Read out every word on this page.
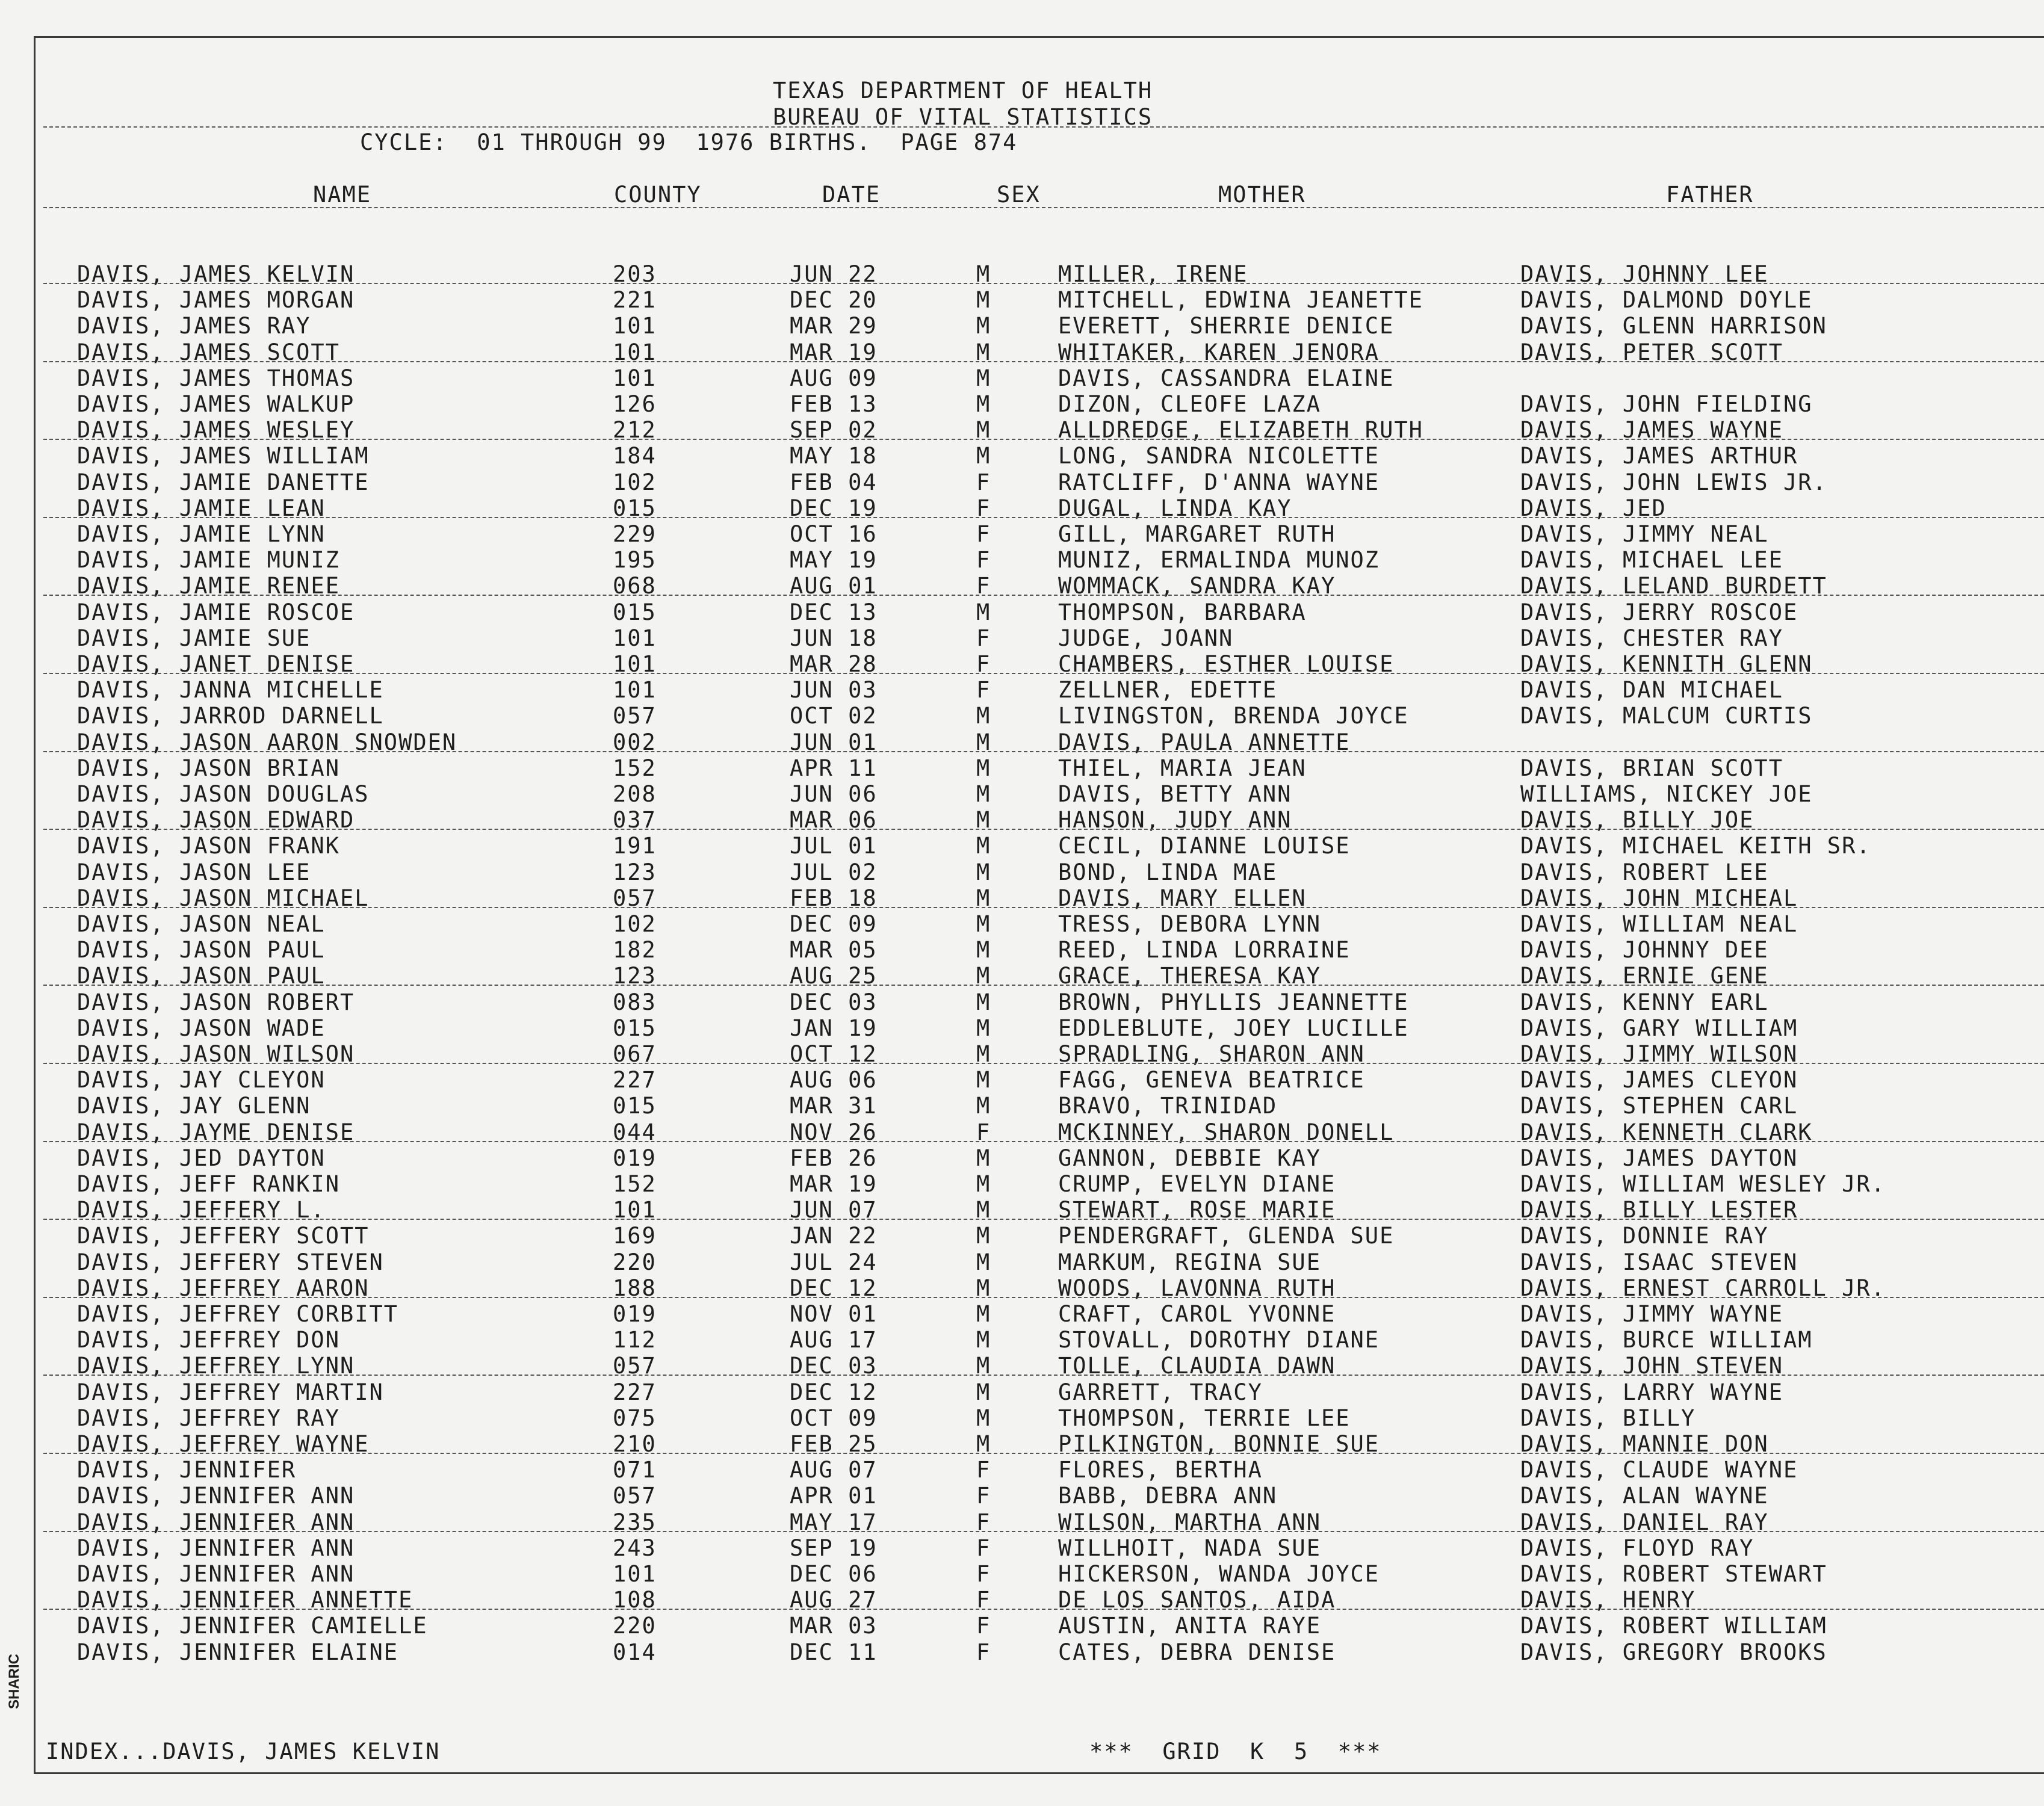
TEXAS DEPARTMENT OF HEALTH
BUREAU OF VITAL STATISTICS
CYCLE:  01 THROUGH 99  1976 BIRTHS.  PAGE 874
NAME	COUNTY	DATE	SEX	MOTHER	FATHER
DAVIS, JAMES KELVIN	203	JUN 22	M	MILLER, IRENE	DAVIS, JOHNNY LEE
DAVIS, JAMES MORGAN	221	DEC 20	M	MITCHELL, EDWINA JEANETTE	DAVIS, DALMOND DOYLE
DAVIS, JAMES RAY	101	MAR 29	M	EVERETT, SHERRIE DENICE	DAVIS, GLENN HARRISON
DAVIS, JAMES SCOTT	101	MAR 19	M	WHITAKER, KAREN JENORA	DAVIS, PETER SCOTT
DAVIS, JAMES THOMAS	101	AUG 09	M	DAVIS, CASSANDRA ELAINE
DAVIS, JAMES WALKUP	126	FEB 13	M	DIZON, CLEOFE LAZA	DAVIS, JOHN FIELDING
DAVIS, JAMES WESLEY	212	SEP 02	M	ALLDREDGE, ELIZABETH RUTH	DAVIS, JAMES WAYNE
DAVIS, JAMES WILLIAM	184	MAY 18	M	LONG, SANDRA NICOLETTE	DAVIS, JAMES ARTHUR
DAVIS, JAMIE DANETTE	102	FEB 04	F	RATCLIFF, D'ANNA WAYNE	DAVIS, JOHN LEWIS JR.
DAVIS, JAMIE LEAN	015	DEC 19	F	DUGAL, LINDA KAY	DAVIS, JED
DAVIS, JAMIE LYNN	229	OCT 16	F	GILL, MARGARET RUTH	DAVIS, JIMMY NEAL
DAVIS, JAMIE MUNIZ	195	MAY 19	F	MUNIZ, ERMALINDA MUNOZ	DAVIS, MICHAEL LEE
DAVIS, JAMIE RENEE	068	AUG 01	F	WOMMACK, SANDRA KAY	DAVIS, LELAND BURDETT
DAVIS, JAMIE ROSCOE	015	DEC 13	M	THOMPSON, BARBARA	DAVIS, JERRY ROSCOE
DAVIS, JAMIE SUE	101	JUN 18	F	JUDGE, JOANN	DAVIS, CHESTER RAY
DAVIS, JANET DENISE	101	MAR 28	F	CHAMBERS, ESTHER LOUISE	DAVIS, KENNITH GLENN
DAVIS, JANNA MICHELLE	101	JUN 03	F	ZELLNER, EDETTE	DAVIS, DAN MICHAEL
DAVIS, JARROD DARNELL	057	OCT 02	M	LIVINGSTON, BRENDA JOYCE	DAVIS, MALCUM CURTIS
DAVIS, JASON AARON SNOWDEN	002	JUN 01	M	DAVIS, PAULA ANNETTE
DAVIS, JASON BRIAN	152	APR 11	M	THIEL, MARIA JEAN	DAVIS, BRIAN SCOTT
DAVIS, JASON DOUGLAS	208	JUN 06	M	DAVIS, BETTY ANN	WILLIAMS, NICKEY JOE
DAVIS, JASON EDWARD	037	MAR 06	M	HANSON, JUDY ANN	DAVIS, BILLY JOE
DAVIS, JASON FRANK	191	JUL 01	M	CECIL, DIANNE LOUISE	DAVIS, MICHAEL KEITH SR.
DAVIS, JASON LEE	123	JUL 02	M	BOND, LINDA MAE	DAVIS, ROBERT LEE
DAVIS, JASON MICHAEL	057	FEB 18	M	DAVIS, MARY ELLEN	DAVIS, JOHN MICHEAL
DAVIS, JASON NEAL	102	DEC 09	M	TRESS, DEBORA LYNN	DAVIS, WILLIAM NEAL
DAVIS, JASON PAUL	182	MAR 05	M	REED, LINDA LORRAINE	DAVIS, JOHNNY DEE
DAVIS, JASON PAUL	123	AUG 25	M	GRACE, THERESA KAY	DAVIS, ERNIE GENE
DAVIS, JASON ROBERT	083	DEC 03	M	BROWN, PHYLLIS JEANNETTE	DAVIS, KENNY EARL
DAVIS, JASON WADE	015	JAN 19	M	EDDLEBLUTE, JOEY LUCILLE	DAVIS, GARY WILLIAM
DAVIS, JASON WILSON	067	OCT 12	M	SPRADLING, SHARON ANN	DAVIS, JIMMY WILSON
DAVIS, JAY CLEYON	227	AUG 06	M	FAGG, GENEVA BEATRICE	DAVIS, JAMES CLEYON
DAVIS, JAY GLENN	015	MAR 31	M	BRAVO, TRINIDAD	DAVIS, STEPHEN CARL
DAVIS, JAYME DENISE	044	NOV 26	F	MCKINNEY, SHARON DONELL	DAVIS, KENNETH CLARK
DAVIS, JED DAYTON	019	FEB 26	M	GANNON, DEBBIE KAY	DAVIS, JAMES DAYTON
DAVIS, JEFF RANKIN	152	MAR 19	M	CRUMP, EVELYN DIANE	DAVIS, WILLIAM WESLEY JR.
DAVIS, JEFFERY L.	101	JUN 07	M	STEWART, ROSE MARIE	DAVIS, BILLY LESTER
DAVIS, JEFFERY SCOTT	169	JAN 22	M	PENDERGRAFT, GLENDA SUE	DAVIS, DONNIE RAY
DAVIS, JEFFERY STEVEN	220	JUL 24	M	MARKUM, REGINA SUE	DAVIS, ISAAC STEVEN
DAVIS, JEFFREY AARON	188	DEC 12	M	WOODS, LAVONNA RUTH	DAVIS, ERNEST CARROLL JR.
DAVIS, JEFFREY CORBITT	019	NOV 01	M	CRAFT, CAROL YVONNE	DAVIS, JIMMY WAYNE
DAVIS, JEFFREY DON	112	AUG 17	M	STOVALL, DOROTHY DIANE	DAVIS, BURCE WILLIAM
DAVIS, JEFFREY LYNN	057	DEC 03	M	TOLLE, CLAUDIA DAWN	DAVIS, JOHN STEVEN
DAVIS, JEFFREY MARTIN	227	DEC 12	M	GARRETT, TRACY	DAVIS, LARRY WAYNE
DAVIS, JEFFREY RAY	075	OCT 09	M	THOMPSON, TERRIE LEE	DAVIS, BILLY
DAVIS, JEFFREY WAYNE	210	FEB 25	M	PILKINGTON, BONNIE SUE	DAVIS, MANNIE DON
DAVIS, JENNIFER	071	AUG 07	F	FLORES, BERTHA	DAVIS, CLAUDE WAYNE
DAVIS, JENNIFER ANN	057	APR 01	F	BABB, DEBRA ANN	DAVIS, ALAN WAYNE
DAVIS, JENNIFER ANN	235	MAY 17	F	WILSON, MARTHA ANN	DAVIS, DANIEL RAY
DAVIS, JENNIFER ANN	243	SEP 19	F	WILLHOIT, NADA SUE	DAVIS, FLOYD RAY
DAVIS, JENNIFER ANN	101	DEC 06	F	HICKERSON, WANDA JOYCE	DAVIS, ROBERT STEWART
DAVIS, JENNIFER ANNETTE	108	AUG 27	F	DE LOS SANTOS, AIDA	DAVIS, HENRY
DAVIS, JENNIFER CAMIELLE	220	MAR 03	F	AUSTIN, ANITA RAYE	DAVIS, ROBERT WILLIAM
DAVIS, JENNIFER ELAINE	014	DEC 11	F	CATES, DEBRA DENISE	DAVIS, GREGORY BROOKS
INDEX...DAVIS, JAMES KELVIN	***  GRID  K  5  ***
SHARIC
